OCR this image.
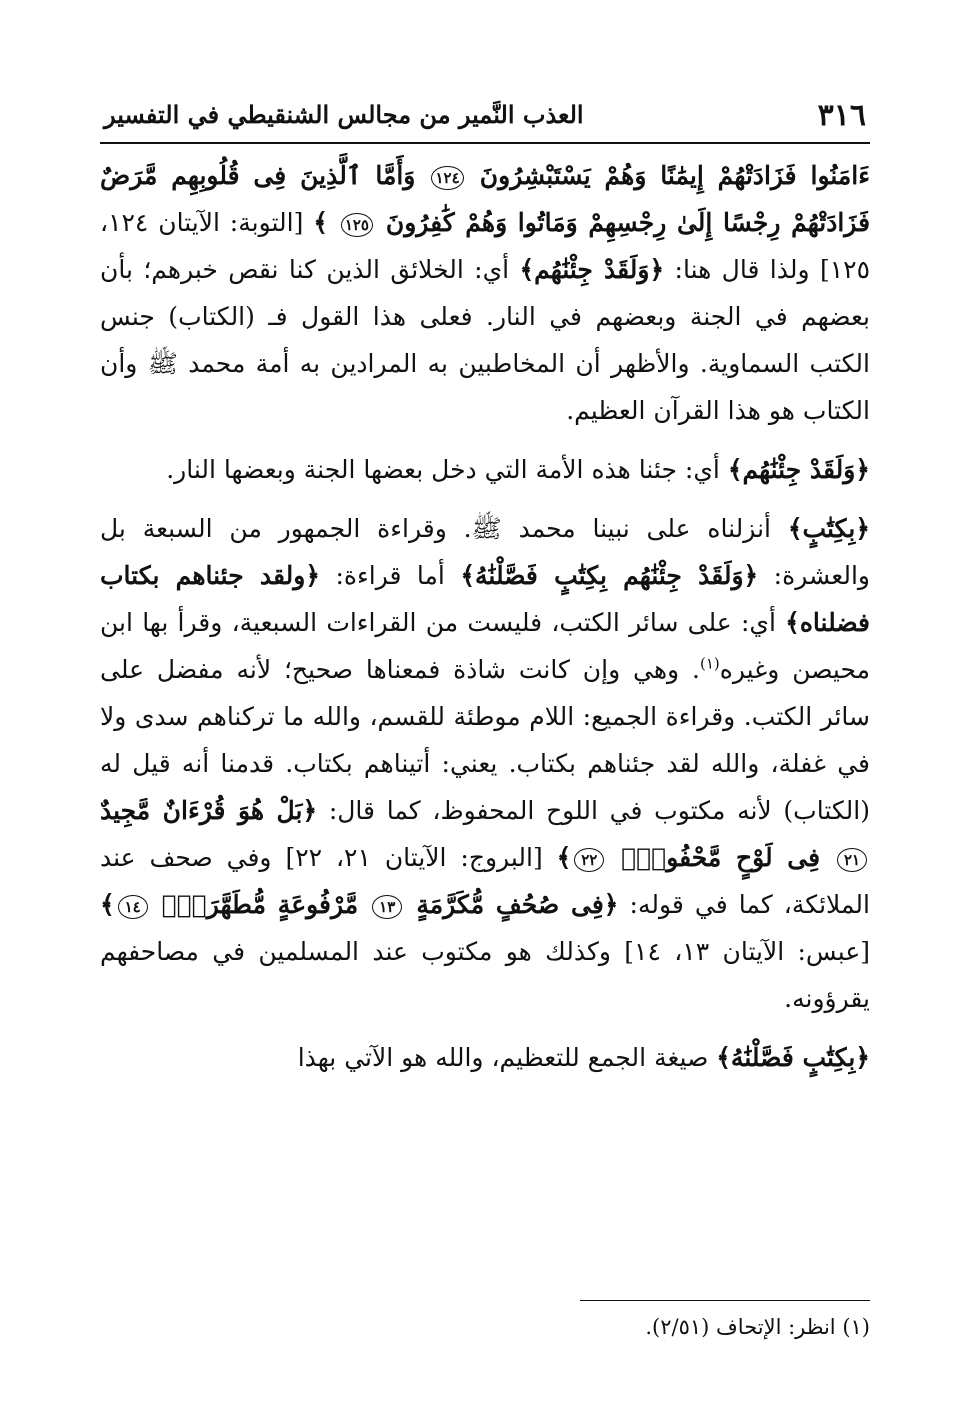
٣١٦
العذب النَّمير من مجالس الشنقيطي في التفسير

ءَامَنُوا فَزَادَتْهُمْ إِيمَٰنًا وَهُمْ يَسْتَبْشِرُونَ ١٢٤ وَأَمَّا ٱلَّذِينَ فِى قُلُوبِهِم مَّرَضٌ فَزَادَتْهُمْ رِجْسًا إِلَىٰ رِجْسِهِمْ وَمَاتُوا وَهُمْ كَٰفِرُونَ ١٢٥ ﴾ [التوبة: الآيتان ١٢٤، ١٢٥] ولذا قال هنا: ﴿وَلَقَدْ جِئْنَٰهُم﴾ أي: الخلائق الذين كنا نقص خبرهم؛ بأن بعضهم في الجنة وبعضهم في النار. فعلى هذا القول فـ (الكتاب) جنس الكتب السماوية. والأظهر أن المخاطبين به المرادين به أمة محمد ﷺ وأن الكتاب هو هذا القرآن العظيم.

﴿وَلَقَدْ جِئْنَٰهُم﴾ أي: جئنا هذه الأمة التي دخل بعضها الجنة وبعضها النار.

﴿بِكِتَٰبٍ﴾ أنزلناه على نبينا محمد ﷺ. وقراءة الجمهور من السبعة بل والعشرة: ﴿وَلَقَدْ جِئْنَٰهُم بِكِتَٰبٍ فَصَّلْنَٰهُ﴾ أما قراءة: ﴿ولقد جئناهم بكتاب فضلناه﴾ أي: على سائر الكتب، فليست من القراءات السبعية، وقرأ بها ابن محيصن وغيره$^{(١)}$. وهي وإن كانت شاذة فمعناها صحيح؛ لأنه مفضل على سائر الكتب. وقراءة الجميع: اللام موطئة للقسم، والله ما تركناهم سدى ولا في غفلة، والله لقد جئناهم بكتاب. يعني: أتيناهم بكتاب. قدمنا أنه قيل له (الكتاب) لأنه مكتوب في اللوح المحفوظ، كما قال: ﴿بَلْ هُوَ قُرْءَانٌ مَّجِيدٌ ٢١ فِى لَوْحٍ مَّحْفُوظٍۭ ٢٢﴾ [البروج: الآيتان ٢١، ٢٢] وفي صحف عند الملائكة، كما في قوله: ﴿فِى صُحُفٍ مُّكَرَّمَةٍ ١٣ مَّرْفُوعَةٍ مُّطَهَّرَةٍۭ ١٤﴾ [عبس: الآيتان ١٣، ١٤] وكذلك هو مكتوب عند المسلمين في مصاحفهم يقرؤونه.

﴿بِكِتَٰبٍ فَصَّلْنَٰهُ﴾ صيغة الجمع للتعظيم، والله هو الآتي بهذا

(١) انظر: الإتحاف (٢/٥١).
